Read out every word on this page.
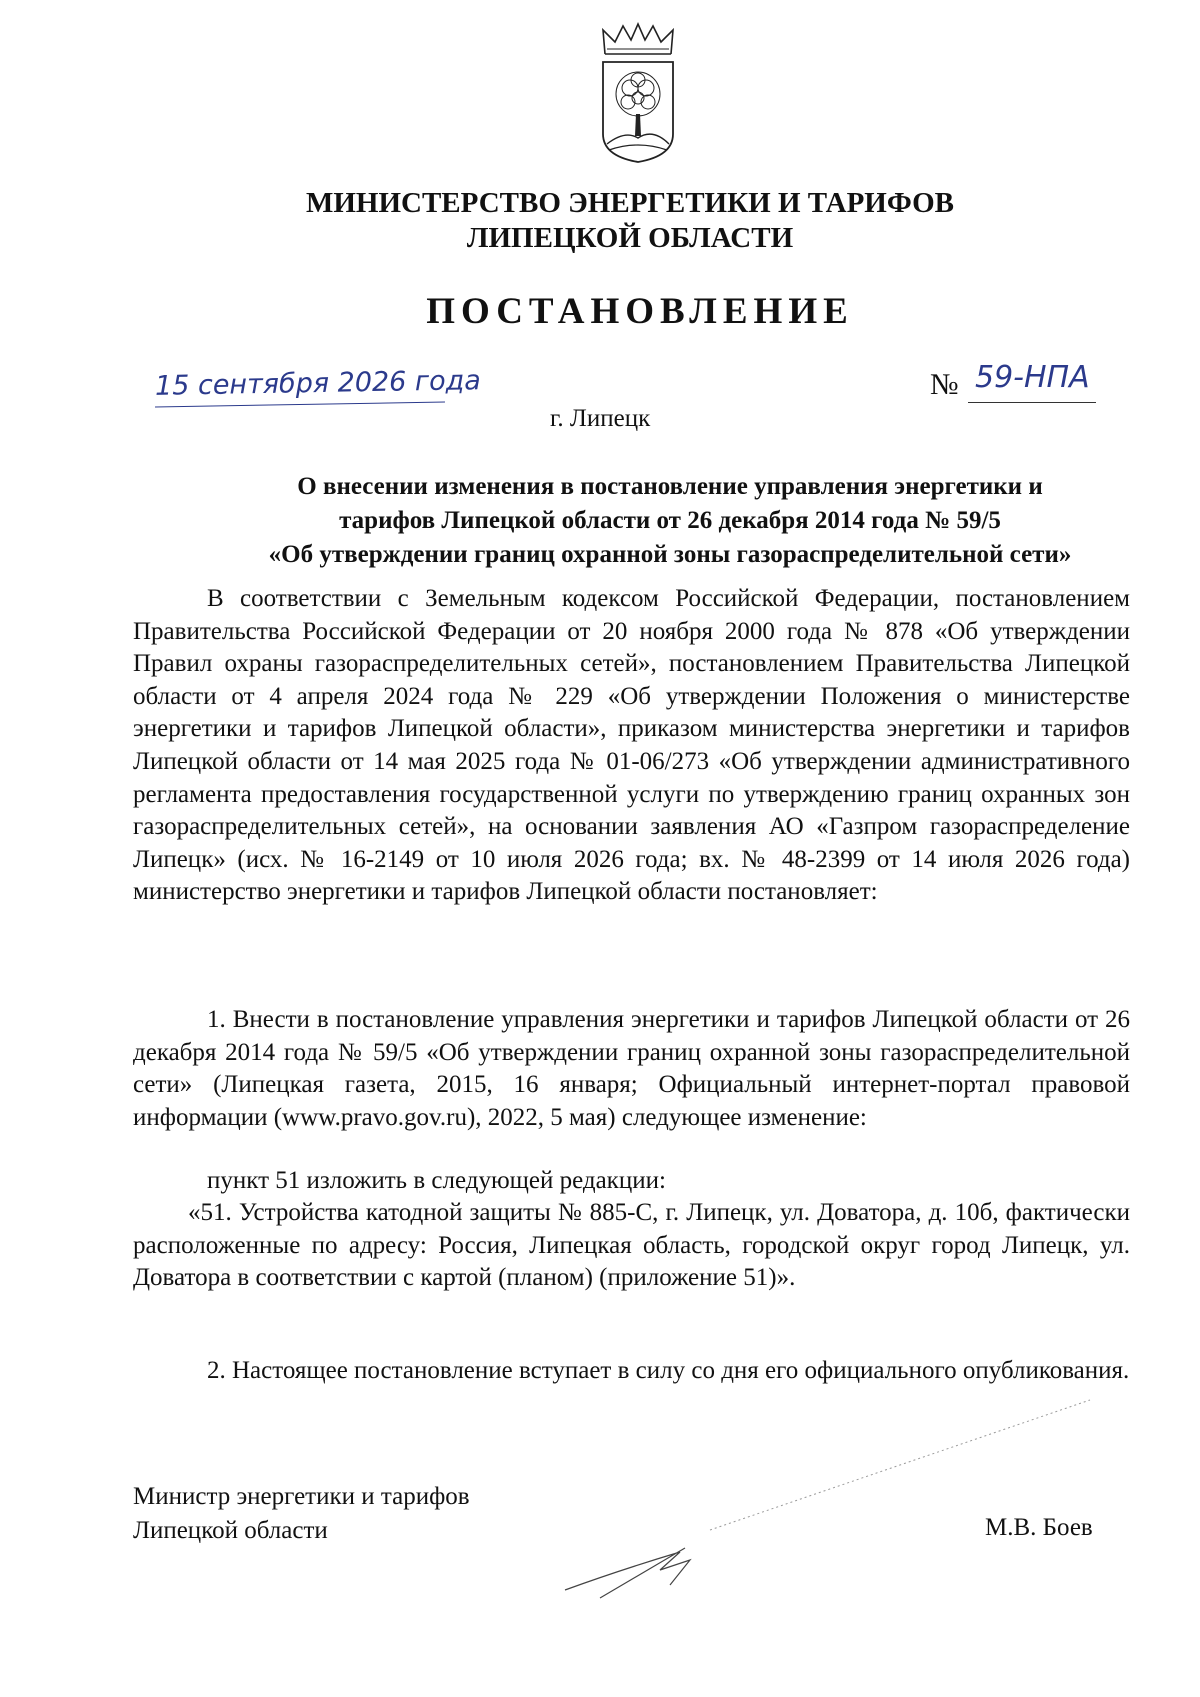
МИНИСТЕРСТВО ЭНЕРГЕТИКИ И ТАРИФОВ
ЛИПЕЦКОЙ ОБЛАСТИ
ПОСТАНОВЛЕНИЕ
15 сентября 2026 года	№ 59-НПА
г. Липецк
О внесении изменения в постановление управления энергетики и
тарифов Липецкой области от 26 декабря 2014 года № 59/5
«Об утверждении границ охранной зоны газораспределительной сети»
В соответствии с Земельным кодексом Российской Федерации, постановлением Правительства Российской Федерации от 20 ноября 2000 года № 878 «Об утверждении Правил охраны газораспределительных сетей», постановлением Правительства Липецкой области от 4 апреля 2024 года № 229 «Об утверждении Положения о министерстве энергетики и тарифов Липецкой области», приказом министерства энергетики и тарифов Липецкой области от 14 мая 2025 года № 01-06/273 «Об утверждении административного регламента предоставления государственной услуги по утверждению границ охранных зон газораспределительных сетей», на основании заявления АО «Газпром газораспределение Липецк» (исх. № 16-2149 от 10 июля 2026 года; вх. № 48-2399 от 14 июля 2026 года) министерство энергетики и тарифов Липецкой области постановляет:
1. Внести в постановление управления энергетики и тарифов Липецкой области от 26 декабря 2014 года № 59/5 «Об утверждении границ охранной зоны газораспределительной сети» (Липецкая газета, 2015, 16 января; Официальный интернет-портал правовой информации (www.pravo.gov.ru), 2022, 5 мая) следующее изменение:
пункт 51 изложить в следующей редакции:
«51. Устройства катодной защиты № 885-С, г. Липецк, ул. Доватора, д. 10б, фактически расположенные по адресу: Россия, Липецкая область, городской округ город Липецк, ул. Доватора в соответствии с картой (планом) (приложение 51)».
2. Настоящее постановление вступает в силу со дня его официального опубликования.
Министр энергетики и тарифов
Липецкой области	М.В. Боев
